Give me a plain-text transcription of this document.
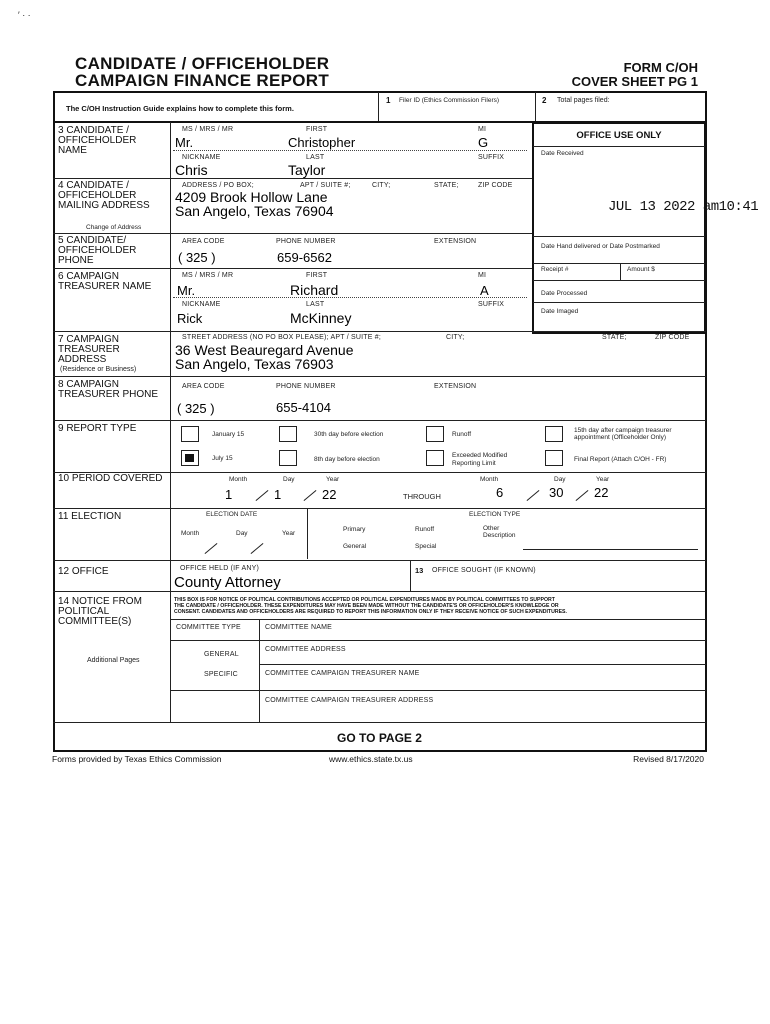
′ · ·
CANDIDATE / OFFICEHOLDER
CAMPAIGN FINANCE REPORT
FORM C/OH
COVER SHEET PG 1
The C/OH Instruction Guide explains how to complete this form.
1 Filer ID (Ethics Commission Filers)	2 Total pages filed:
3 CANDIDATE / OFFICEHOLDER NAME
MS / MRS / MR
Mr.
FIRST
Christopher
MI
G
NICKNAME
Chris
LAST
Taylor
SUFFIX
OFFICE USE ONLY
Date Received
JUL 13 2022 am10:41
Date Hand delivered or Date Postmarked
Receipt #	Amount $
Date Processed
Date Imaged
4 CANDIDATE / OFFICEHOLDER MAILING ADDRESS
Change of Address
ADDRESS / PO BOX;	APT / SUITE #;	CITY;	STATE;	ZIP CODE
4209 Brook Hollow Lane
San Angelo, Texas 76904
5 CANDIDATE/ OFFICEHOLDER PHONE
AREA CODE	PHONE NUMBER	EXTENSION
( 325 )	659-6562
6 CAMPAIGN TREASURER NAME
MS / MRS / MR
Mr.
FIRST
Richard
MI
A
NICKNAME
Rick
LAST
McKinney
SUFFIX
7 CAMPAIGN TREASURER ADDRESS
(Residence or Business)
STREET ADDRESS (NO PO BOX PLEASE); APT / SUITE #;	CITY;	STATE;	ZIP CODE
36 West Beauregard Avenue
San Angelo, Texas 76903
8 CAMPAIGN TREASURER PHONE
AREA CODE	PHONE NUMBER	EXTENSION
( 325 )	655-4104
9 REPORT TYPE
January 15	30th day before election	Runoff
15th day after campaign treasurer appointment (Officeholder Only)
July 15	8th day before election
Exceeded Modified Reporting Limit
Final Report (Attach C/OH - FR)
10 PERIOD COVERED	Month	Day	Year
1	1	22	THROUGH
Month	Day	Year
6	30 22
11 ELECTION	ELECTION DATE
Month	Day	Year
ELECTION TYPE
Primary	Runoff	Other Description
General	Special
12 OFFICE	OFFICE HELD (IF ANY)
County Attorney
13 OFFICE SOUGHT (IF KNOWN)
14 NOTICE FROM POLITICAL COMMITTEE(S)
Additional Pages
THIS BOX IS FOR NOTICE OF POLITICAL CONTRIBUTIONS ACCEPTED OR POLITICAL EXPENDITURES MADE BY POLITICAL COMMITTEES TO SUPPORT
THE CANDIDATE / OFFICEHOLDER. THESE EXPENDITURES MAY HAVE BEEN MADE WITHOUT THE CANDIDATE'S OR OFFICEHOLDER'S KNOWLEDGE OR
CONSENT. CANDIDATES AND OFFICEHOLDERS ARE REQUIRED TO REPORT THIS INFORMATION ONLY IF THEY RECEIVE NOTICE OF SUCH EXPENDITURES.
COMMITTEE TYPE	COMMITTEE NAME
GENERAL
COMMITTEE ADDRESS
SPECIFIC	COMMITTEE CAMPAIGN TREASURER NAME
COMMITTEE CAMPAIGN TREASURER ADDRESS
GO TO PAGE 2
Forms provided by Texas Ethics Commission	www.ethics.state.tx.us	Revised 8/17/2020
